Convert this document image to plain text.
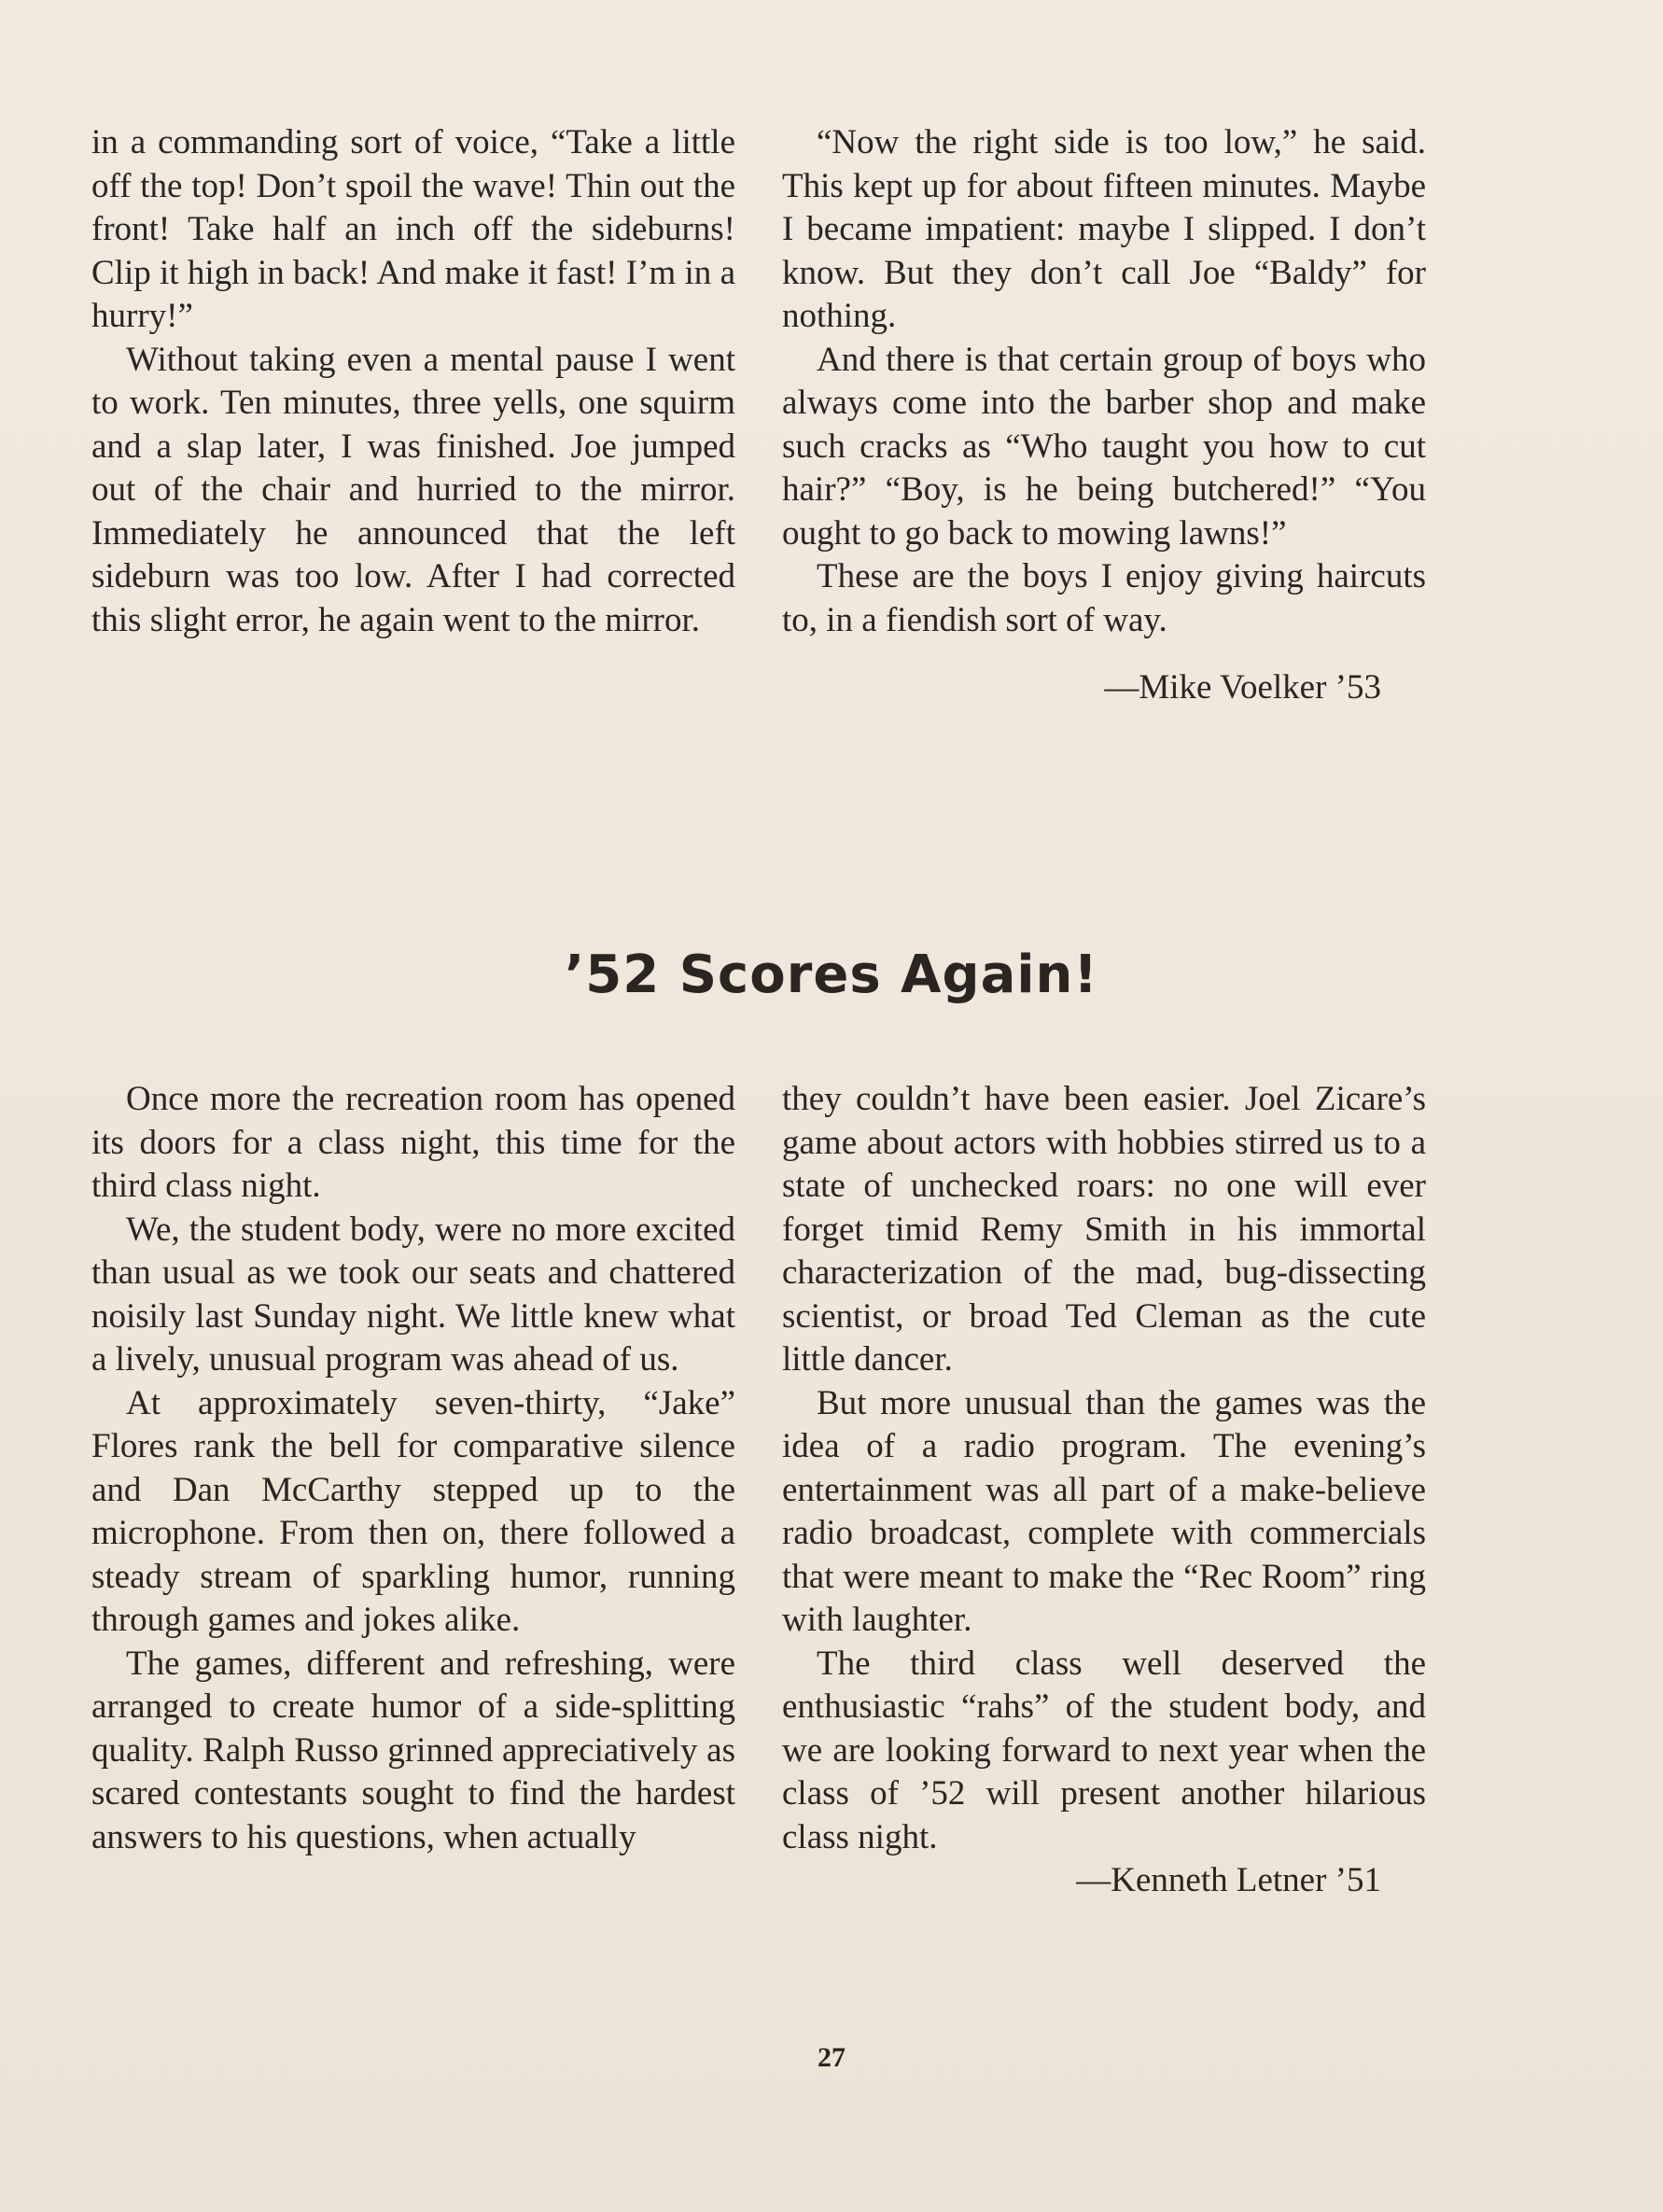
in a commanding sort of voice, “Take a little off the top! Don’t spoil the wave! Thin out the front! Take half an inch off the sideburns! Clip it high in back! And make it fast! I’m in a hurry!”

Without taking even a mental pause I went to work. Ten minutes, three yells, one squirm and a slap later, I was finished. Joe jumped out of the chair and hurried to the mirror. Immediately he announced that the left sideburn was too low. After I had corrected this slight error, he again went to the mirror.

“Now the right side is too low,” he said. This kept up for about fifteen minutes. Maybe I became impatient: maybe I slipped. I don’t know. But they don’t call Joe “Baldy” for nothing.

And there is that certain group of boys who always come into the barber shop and make such cracks as “Who taught you how to cut hair?” “Boy, is he being butchered!” “You ought to go back to mowing lawns!”

These are the boys I enjoy giving haircuts to, in a fiendish sort of way.

—Mike Voelker ’53

’52 Scores Again!

Once more the recreation room has opened its doors for a class night, this time for the third class night.

We, the student body, were no more excited than usual as we took our seats and chattered noisily last Sunday night. We little knew what a lively, unusual program was ahead of us.

At approximately seven-thirty, “Jake” Flores rank the bell for comparative silence and Dan McCarthy stepped up to the microphone. From then on, there followed a steady stream of sparkling humor, running through games and jokes alike.

The games, different and refreshing, were arranged to create humor of a side-splitting quality. Ralph Russo grinned appreciatively as scared contestants sought to find the hardest answers to his questions, when actually

they couldn’t have been easier. Joel Zicare’s game about actors with hobbies stirred us to a state of unchecked roars: no one will ever forget timid Remy Smith in his immortal characterization of the mad, bug-dissecting scientist, or broad Ted Cleman as the cute little dancer.

But more unusual than the games was the idea of a radio program. The evening’s entertainment was all part of a make-believe radio broadcast, complete with commercials that were meant to make the “Rec Room” ring with laughter.

The third class well deserved the enthusiastic “rahs” of the student body, and we are looking forward to next year when the class of ’52 will present another hilarious class night.

—Kenneth Letner ’51

27
